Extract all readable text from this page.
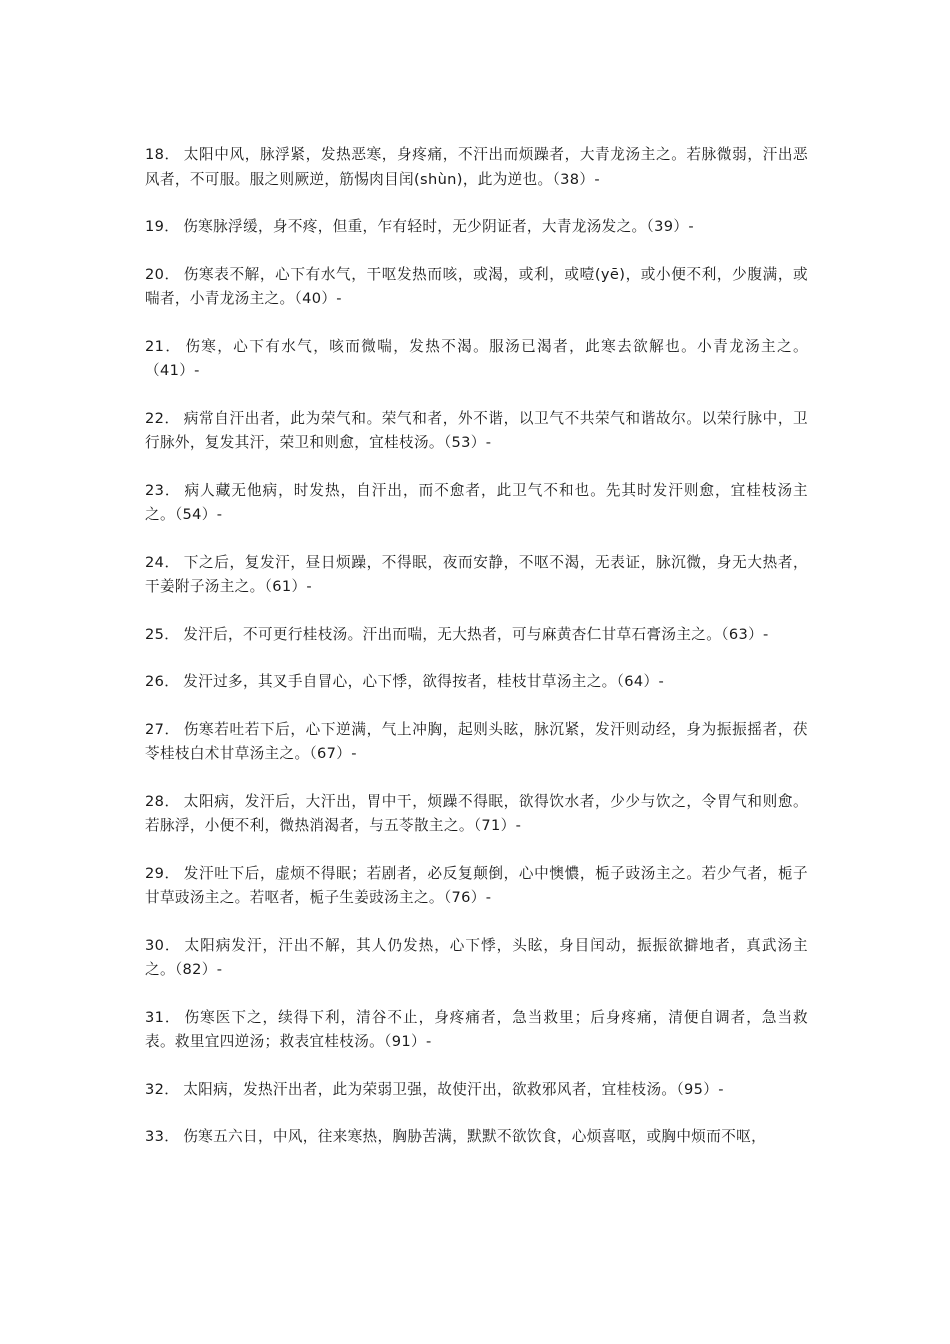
18． 太阳中风，脉浮紧，发热恶寒，身疼痛，不汗出而烦躁者，大青龙汤主之。若脉微弱，汗出恶风者，不可服。服之则厥逆，筋惕肉目闰(shùn)，此为逆也。（38）-

19． 伤寒脉浮缓，身不疼，但重，乍有轻时，无少阴证者，大青龙汤发之。（39）-

20． 伤寒表不解，心下有水气，干呕发热而咳，或渴，或利，或噎(yē)，或小便不利，少腹满，或喘者，小青龙汤主之。（40）-

21． 伤寒，心下有水气，咳而微喘，发热不渴。服汤已渴者，此寒去欲解也。小青龙汤主之。（41）-

22． 病常自汗出者，此为荣气和。荣气和者，外不谐，以卫气不共荣气和谐故尔。以荣行脉中，卫行脉外，复发其汗，荣卫和则愈，宜桂枝汤。（53）-

23． 病人藏无他病，时发热，自汗出，而不愈者，此卫气不和也。先其时发汗则愈，宜桂枝汤主之。（54）-

24． 下之后，复发汗，昼日烦躁，不得眠，夜而安静，不呕不渴，无表证，脉沉微，身无大热者，干姜附子汤主之。（61）-

25． 发汗后，不可更行桂枝汤。汗出而喘，无大热者，可与麻黄杏仁甘草石膏汤主之。（63）-

26． 发汗过多，其叉手自冒心，心下悸，欲得按者，桂枝甘草汤主之。（64）-

27． 伤寒若吐若下后，心下逆满，气上冲胸，起则头眩，脉沉紧，发汗则动经，身为振振摇者，茯苓桂枝白术甘草汤主之。（67）-

28． 太阳病，发汗后，大汗出，胃中干，烦躁不得眠，欲得饮水者，少少与饮之，令胃气和则愈。若脉浮，小便不利，微热消渴者，与五苓散主之。（71）-

29． 发汗吐下后，虚烦不得眠；若剧者，必反复颠倒，心中懊憹，栀子豉汤主之。若少气者，栀子甘草豉汤主之。若呕者，栀子生姜豉汤主之。（76）-

30． 太阳病发汗，汗出不解，其人仍发热，心下悸，头眩，身目闰动，振振欲擗地者，真武汤主之。（82）-

31． 伤寒医下之，续得下利，清谷不止，身疼痛者，急当救里；后身疼痛，清便自调者，急当救表。救里宜四逆汤；救表宜桂枝汤。（91）-

32． 太阳病，发热汗出者，此为荣弱卫强，故使汗出，欲救邪风者，宜桂枝汤。（95）-

33． 伤寒五六日，中风，往来寒热，胸胁苦满，默默不欲饮食，心烦喜呕，或胸中烦而不呕，
